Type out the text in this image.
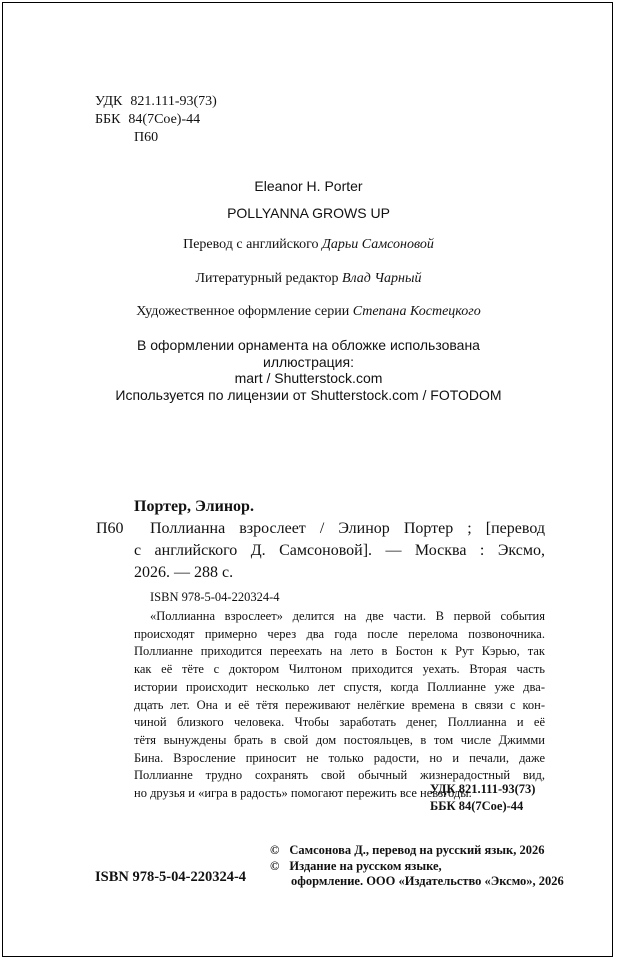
УДК 821.111-93(73)
ББК 84(7Сое)-44
П60
Eleanor H. Porter
POLLYANNA GROWS UP
Перевод с английского Дарьи Самсоновой
Литературный редактор Влад Чарный
Художественное оформление серии Степана Костецкого
В оформлении орнамента на обложке использована
иллюстрация:
mart / Shutterstock.com
Используется по лицензии от Shutterstock.com / FOTODOM
Портер, Элинор.
П60 Поллианна взрослеет / Элинор Портер ; [перевод
с английского Д. Самсоновой]. — Москва : Эксмо,
2026. — 288 с.
ISBN 978-5-04-220324-4

«Поллианна взрослеет» делится на две части. В первой события

происходят примерно через два года после перелома позвоночника.

Поллианне приходится переехать на лето в Бостон к Рут Кэрью, так

как её тёте с доктором Чилтоном приходится уехать. Вторая часть

истории происходит несколько лет спустя, когда Поллианне уже два-

дцать лет. Она и её тётя переживают нелёгкие времена в связи с кон-

чиной близкого человека. Чтобы заработать денег, Поллианна и её

тётя вынуждены брать в свой дом постояльцев, в том числе Джимми

Бина. Взросление приносит не только радости, но и печали, даже

Поллианне трудно сохранять свой обычный жизнерадостный вид,

но друзья и «игра в радость» помогают пережить все невзгоды.

УДК 821.111-93(73)
ББК 84(7Сое)-44
© Самсонова Д., перевод на русский язык, 2026
© Издание на русском языке,
оформление. ООО «Издательство «Эксмо», 2026
ISBN 978-5-04-220324-4
